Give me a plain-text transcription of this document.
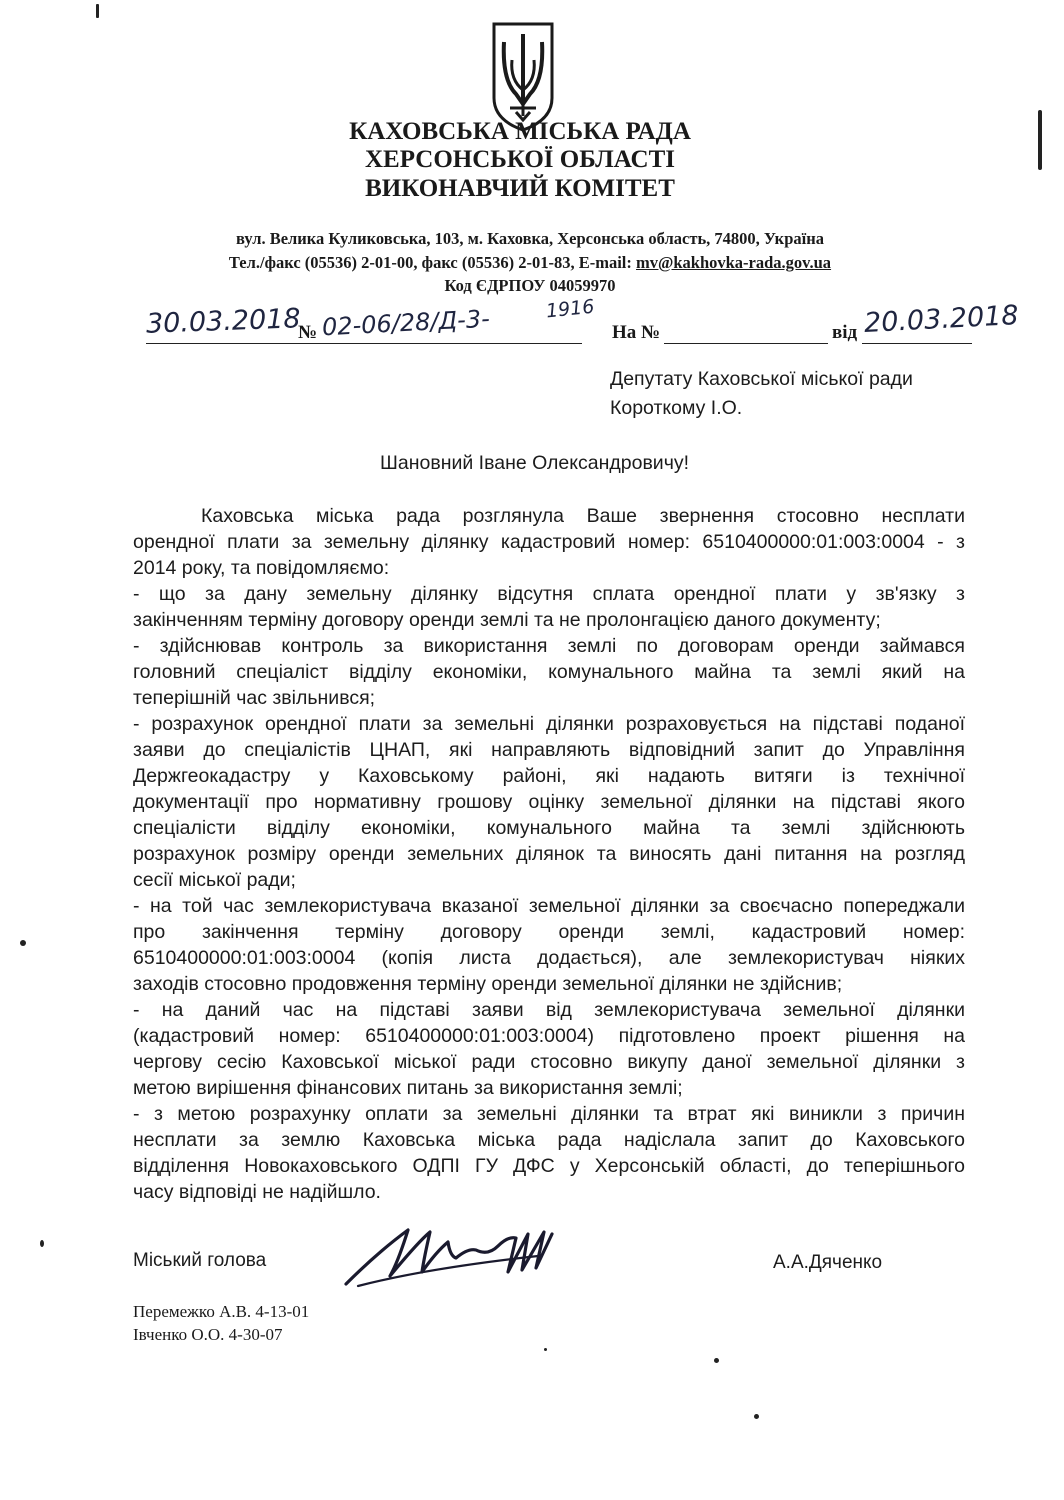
КАХОВСЬКА МІСЬКА РАДА
ХЕРСОНСЬКОЇ ОБЛАСТІ
ВИКОНАВЧИЙ КОМІТЕТ
вул. Велика Куликовська, 103, м. Каховка, Херсонська область, 74800, Україна
Тел./факс (05536) 2-01-00, факс (05536) 2-01-83, E-mail: mv@kakhovka-rada.gov.ua
Код ЄДРПОУ 04059970
30.03.2018
№ 02-06/28/Д-3-	1916
На №	від 20.03.2018
Депутату Каховської міської ради
Короткому І.О.
Шановний Іване Олександровичу!
Каховська міська рада розглянула Ваше звернення стосовно несплати
орендної плати за земельну ділянку кадастровий номер: 6510400000:01:003:0004 - з
2014 року, та повідомляємо:
- що за дану земельну ділянку відсутня сплата орендної плати у зв'язку з
закінченням терміну договору оренди землі та не пролонгацією даного документу;
- здійснював контроль за використання землі по договорам оренди займався
головний спеціаліст відділу економіки, комунального майна та землі який на
теперішній час звільнився;
- розрахунок орендної плати за земельні ділянки розраховується на підставі поданої
заяви до спеціалістів ЦНАП, які направляють відповідний запит до Управління
Держгеокадастру у Каховському районі, які надають витяги із технічної
документації про нормативну грошову оцінку земельної ділянки на підставі якого
спеціалісти відділу економіки, комунального майна та землі здійснюють
розрахунок розміру оренди земельних ділянок та виносять дані питання на розгляд
сесії міської ради;
- на той час землекористувача вказаної земельної ділянки за своєчасно попереджали
про закінчення терміну договору оренди землі, кадастровий номер:
6510400000:01:003:0004 (копія листа додається), але землекористувач ніяких
заходів стосовно продовження терміну оренди земельної ділянки не здійснив;
- на даний час на підставі заяви від землекористувача земельної ділянки
(кадастровий номер: 6510400000:01:003:0004) підготовлено проект рішення на
чергову сесію Каховської міської ради стосовно викупу даної земельної ділянки з
метою вирішення фінансових питань за використання землі;
- з метою розрахунку оплати за земельні ділянки та втрат які виникли з причин
несплати за землю Каховська міська рада надіслала запит до Каховського
відділення Новокаховського ОДПІ ГУ ДФС у Херсонській області, до теперішнього
часу відповіді не надійшло.
Міський голова	А.А.Дяченко
Перемежко А.В. 4-13-01
Івченко О.О. 4-30-07
